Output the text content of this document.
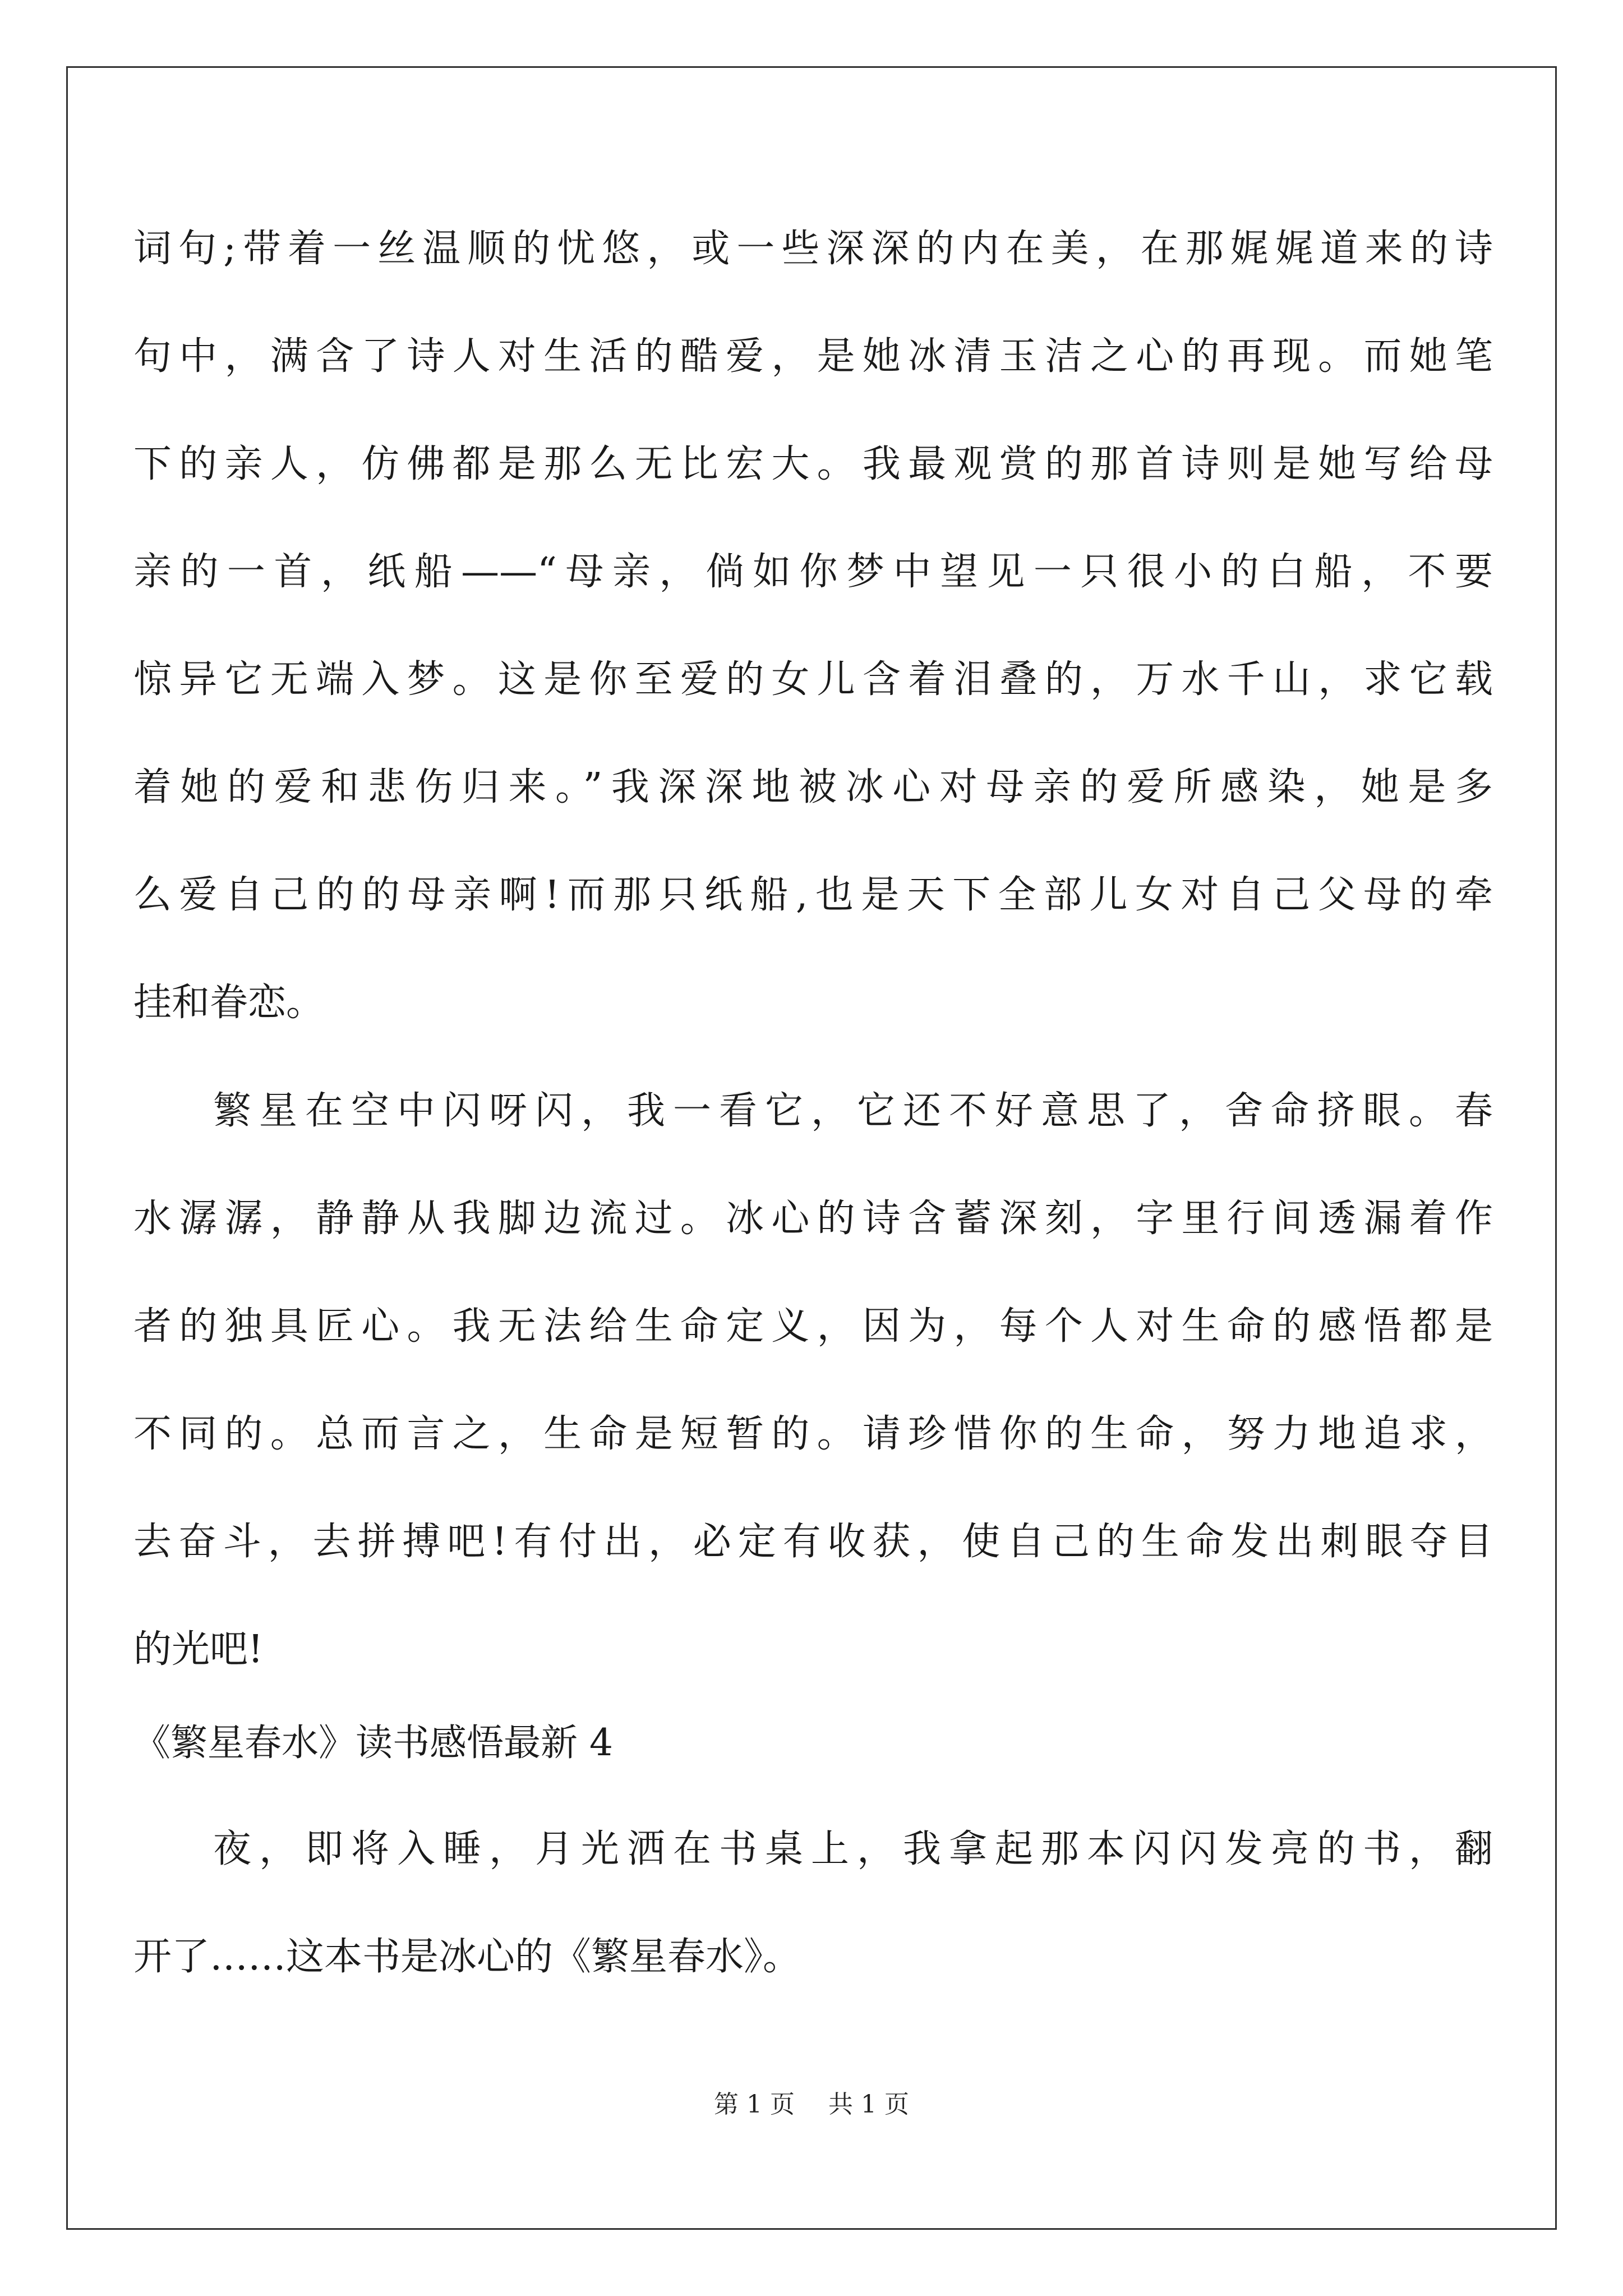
词句;带着一丝温顺的忧悠，或一些深深的内在美，在那娓娓道来的诗
句中，满含了诗人对生活的酷爱，是她冰清玉洁之心的再现。而她笔
下的亲人，仿佛都是那么无比宏大。我最观赏的那首诗则是她写给母
亲的一首，纸船——“母亲，倘如你梦中望见一只很小的白船，不要
惊异它无端入梦。这是你至爱的女儿含着泪叠的，万水千山，求它载
着她的爱和悲伤归来。”我深深地被冰心对母亲的爱所感染，她是多
么爱自己的的母亲啊!而那只纸船,也是天下全部儿女对自己父母的牵
挂和眷恋。
繁星在空中闪呀闪，我一看它，它还不好意思了，舍命挤眼。春
水潺潺，静静从我脚边流过。冰心的诗含蓄深刻，字里行间透漏着作
者的独具匠心。我无法给生命定义，因为，每个人对生命的感悟都是
不同的。总而言之，生命是短暂的。请珍惜你的生命，努力地追求，
去奋斗，去拼搏吧!有付出，必定有收获，使自己的生命发出刺眼夺目
的光吧!
《繁星春水》读书感悟最新 4
夜，即将入睡，月光洒在书桌上，我拿起那本闪闪发亮的书，翻
开了……这本书是冰心的《繁星春水》。
第 1 页 共 1 页
